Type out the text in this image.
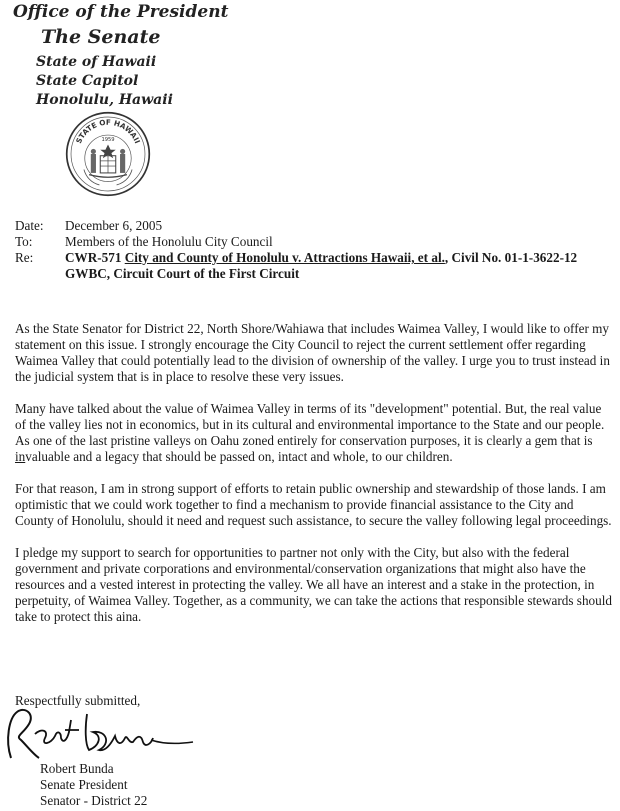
Office of the President
The Senate
State of Hawaii
State Capitol
Honolulu, Hawaii
STATE OF HAWAII
1959
Date:	December 6, 2005
To:	Members of the Honolulu City Council
Re:	CWR-571 City and County of Honolulu v. Attractions Hawaii, et al., Civil No. 01-1-3622-12 GWBC, Circuit Court of the First Circuit

As the State Senator for District 22, North Shore/Wahiawa that includes Waimea Valley, I would like to offer my statement on this issue. I strongly encourage the City Council to reject the current settlement offer regarding Waimea Valley that could potentially lead to the division of ownership of the valley. I urge you to trust instead in the judicial system that is in place to resolve these very issues.

Many have talked about the value of Waimea Valley in terms of its "development" potential. But, the real value of the valley lies not in economics, but in its cultural and environmental importance to the State and our people. As one of the last pristine valleys on Oahu zoned entirely for conservation purposes, it is clearly a gem that is invaluable and a legacy that should be passed on, intact and whole, to our children.

For that reason, I am in strong support of efforts to retain public ownership and stewardship of those lands. I am optimistic that we could work together to find a mechanism to provide financial assistance to the City and County of Honolulu, should it need and request such assistance, to secure the valley following legal proceedings.

I pledge my support to search for opportunities to partner not only with the City, but also with the federal government and private corporations and environmental/conservation organizations that might also have the resources and a vested interest in protecting the valley. We all have an interest and a stake in the protection, in perpetuity, of Waimea Valley. Together, as a community, we can take the actions that responsible stewards should take to protect this aina.

Respectfully submitted,
Robert Bunda
Senate President
Senator - District 22
